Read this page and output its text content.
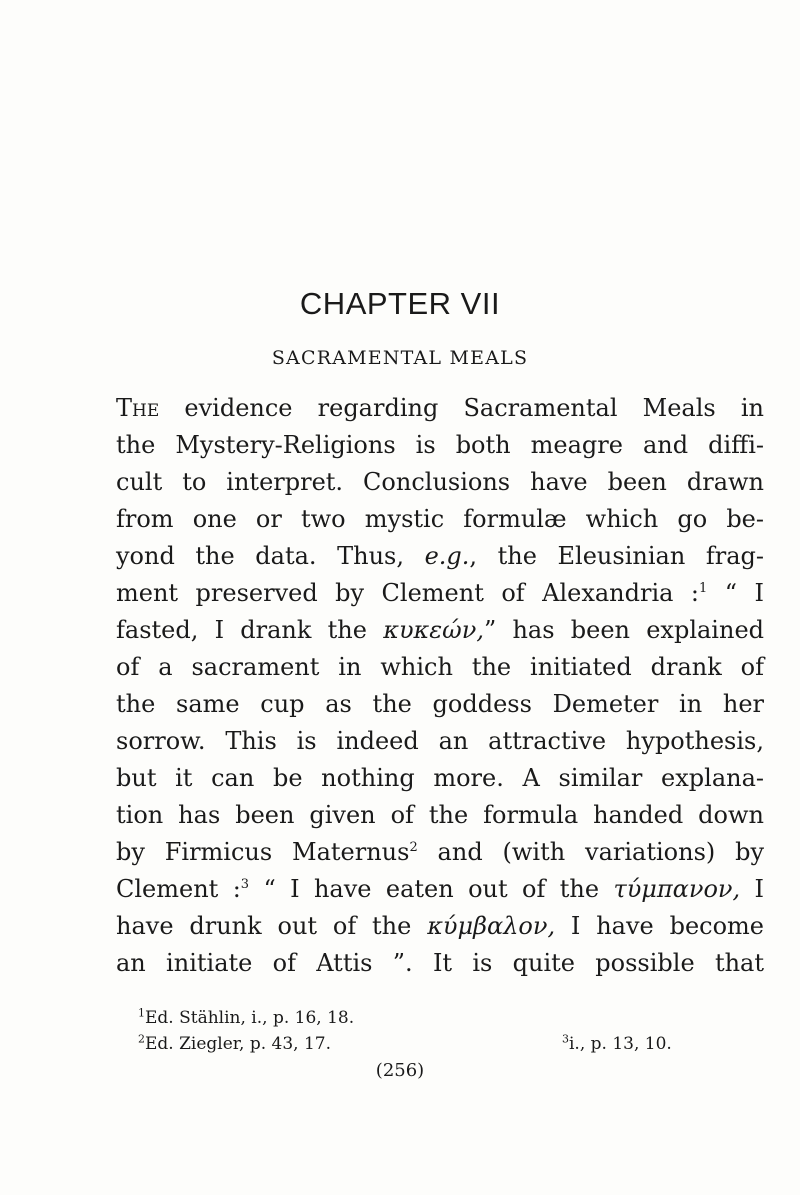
CHAPTER VII
SACRAMENTAL MEALS
The evidence regarding Sacramental Meals in
the Mystery-Religions is both meagre and diffi-
cult to interpret. Conclusions have been drawn
from one or two mystic formulæ which go be-
yond the data. Thus, e.g., the Eleusinian frag-
ment preserved by Clement of Alexandria :$^1$ “ I
fasted, I drank the κυκεών,” has been explained
of a sacrament in which the initiated drank of
the same cup as the goddess Demeter in her
sorrow. This is indeed an attractive hypothesis,
but it can be nothing more. A similar explana-
tion has been given of the formula handed down
by Firmicus Maternus$^2$ and (with variations) by
Clement :$^3$ “ I have eaten out of the τύμπανον, I
have drunk out of the κύμβαλον, I have become
an initiate of Attis ”. It is quite possible that
$^1$Ed. Stählin, i., p. 16, 18.
$^2$Ed. Ziegler, p. 43, 17.	$^3$i., p. 13, 10.
(256)
